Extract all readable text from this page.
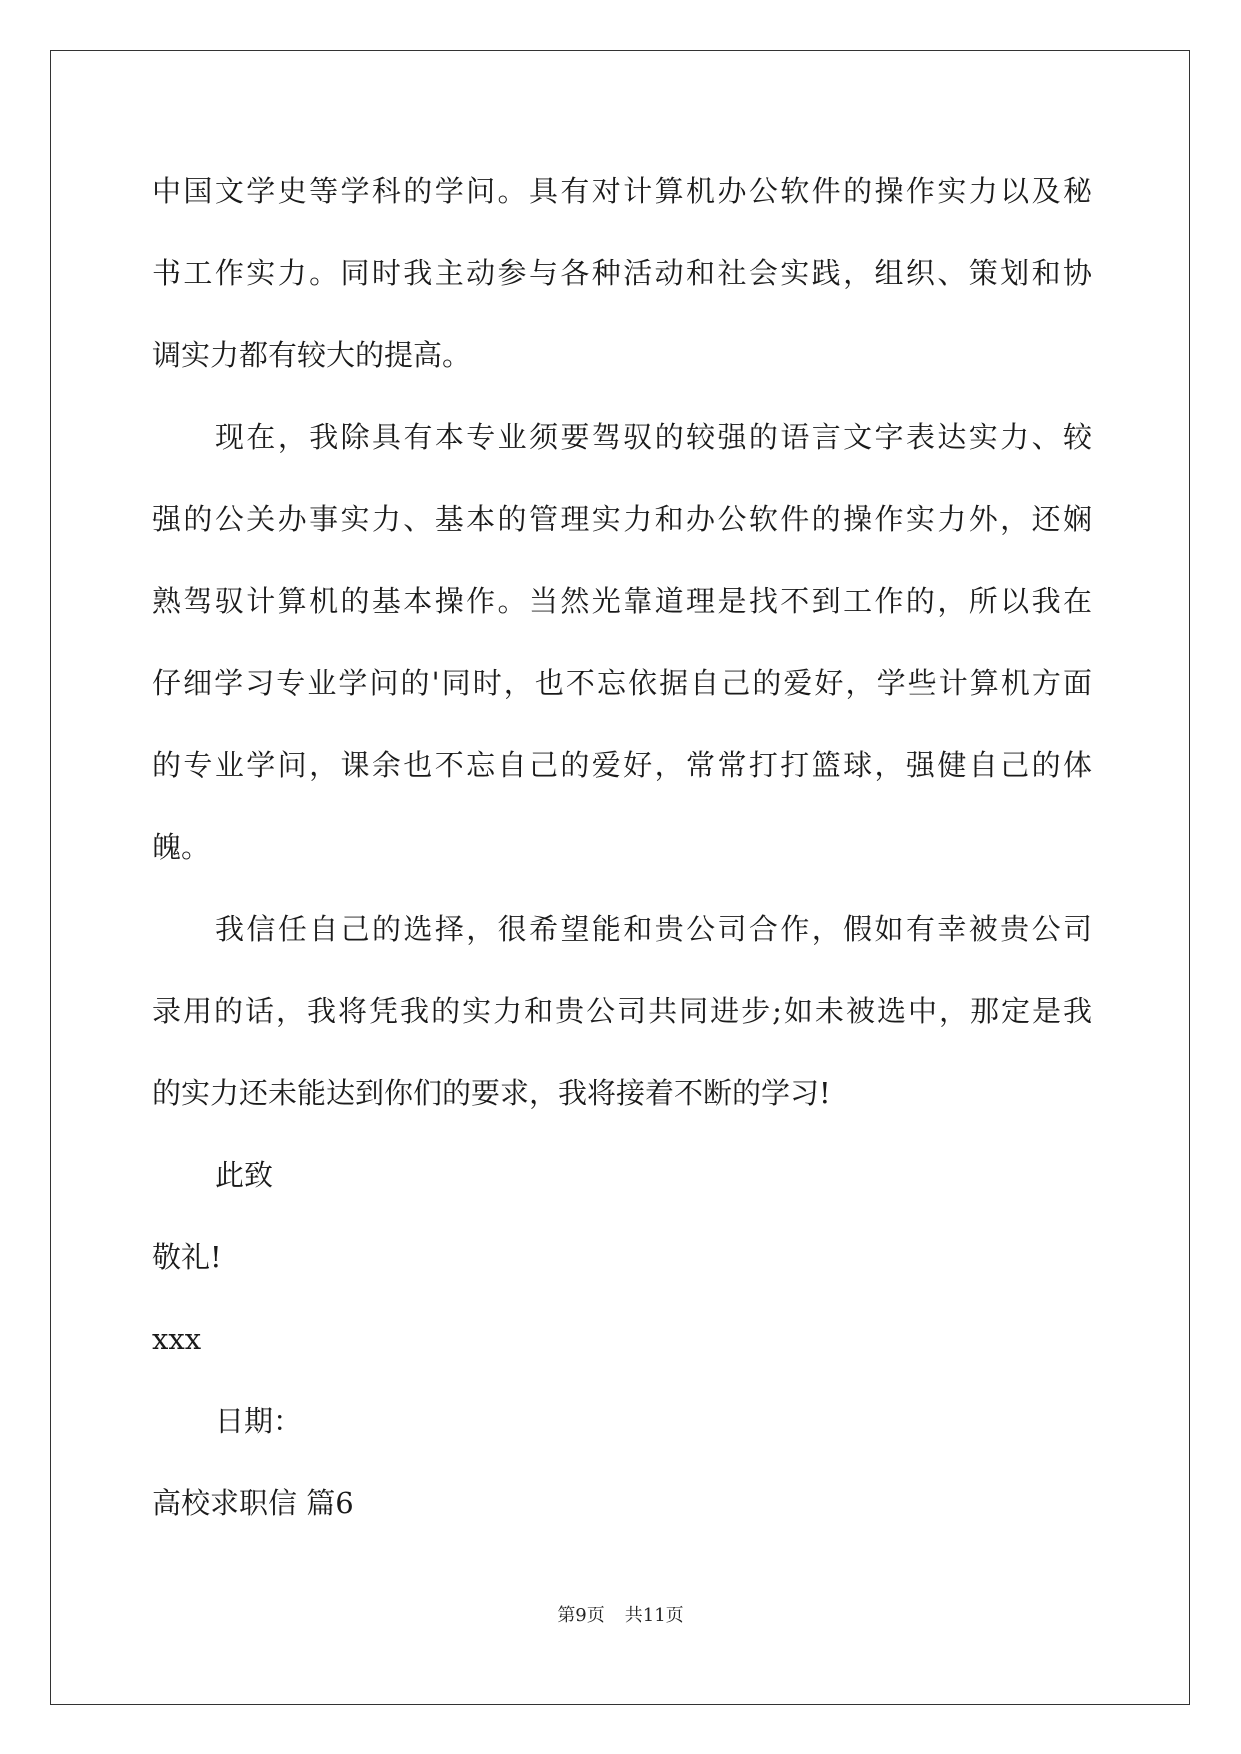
中国文学史等学科的学问。具有对计算机办公软件的操作实力以及秘
书工作实力。同时我主动参与各种活动和社会实践，组织、策划和协
调实力都有较大的提高。
现在，我除具有本专业须要驾驭的较强的语言文字表达实力、较
强的公关办事实力、基本的管理实力和办公软件的操作实力外，还娴
熟驾驭计算机的基本操作。当然光靠道理是找不到工作的，所以我在
仔细学习专业学问的'同时，也不忘依据自己的爱好，学些计算机方面
的专业学问，课余也不忘自己的爱好，常常打打篮球，强健自己的体
魄。
我信任自己的选择，很希望能和贵公司合作，假如有幸被贵公司
录用的话，我将凭我的实力和贵公司共同进步;如未被选中，那定是我
的实力还未能达到你们的要求，我将接着不断的学习!
此致
敬礼!
xxx
日期：
高校求职信 篇6
第9页 共11页
